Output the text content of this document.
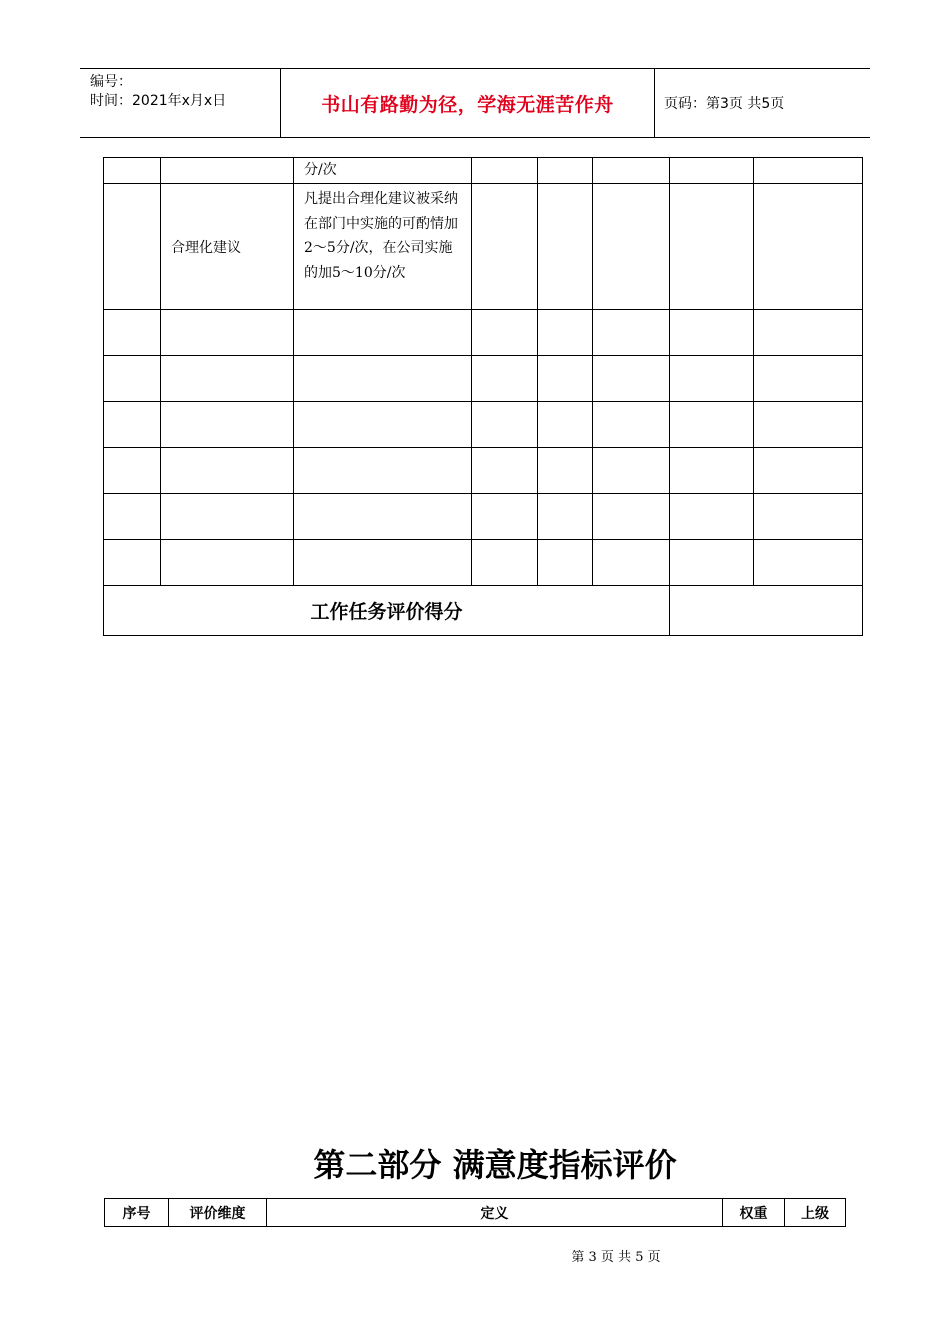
编号：
时间：2021年x月x日	书山有路勤为径，学海无涯苦作舟	页码：第3页 共5页
		分/次					
	合理化建议	凡提出合理化建议被采纳在部门中实施的可酌情加2～5分/次，在公司实施的加5～10分/次					

工作任务评价得分							
第二部分 满意度指标评价
序号	评价维度	定义	权重	上级
第 3 页 共 5 页
